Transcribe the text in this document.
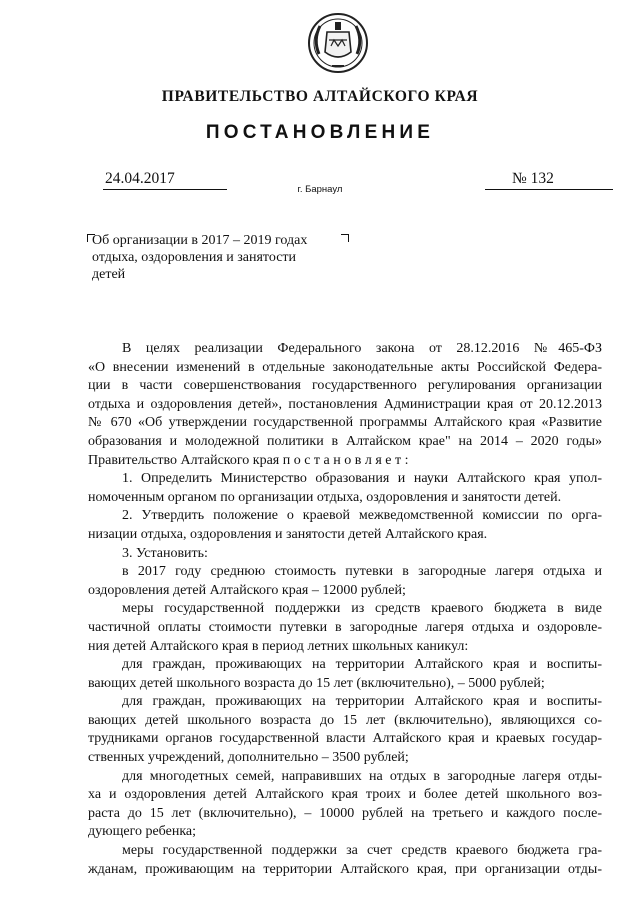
ПРАВИТЕЛЬСТВО АЛТАЙСКОГО КРАЯ
ПОСТАНОВЛЕНИЕ
24.04.2017
г. Барнаул
№ 132
Об организации в 2017 – 2019 годах
отдыха, оздоровления и занятости
детей
В целях реализации Федерального закона от 28.12.2016 №465-ФЗ
«О внесении изменений в отдельные законодательные акты Российской Федера-
ции в части совершенствования государственного регулирования организации
отдыха и оздоровления детей», постановления Администрации края от 20.12.2013
№ 670 «Об утверждении государственной программы Алтайского края «Развитие
образования и молодежной политики в Алтайском крае" на 2014 – 2020 годы»
Правительство Алтайского края п о с т а н о в л я е т :
1. Определить Министерство образования и науки Алтайского края упол-
номоченным органом по организации отдыха, оздоровления и занятости детей.
2. Утвердить положение о краевой межведомственной комиссии по орга-
низации отдыха, оздоровления и занятости детей Алтайского края.
3. Установить:
в 2017 году среднюю стоимость путевки в загородные лагеря отдыха и
оздоровления детей Алтайского края – 12000 рублей;
меры государственной поддержки из средств краевого бюджета в виде
частичной оплаты стоимости путевки в загородные лагеря отдыха и оздоровле-
ния детей Алтайского края в период летних школьных каникул:
для граждан, проживающих на территории Алтайского края и воспиты-
вающих детей школьного возраста до 15 лет (включительно), – 5000 рублей;
для граждан, проживающих на территории Алтайского края и воспиты-
вающих детей школьного возраста до 15 лет (включительно), являющихся со-
трудниками органов государственной власти Алтайского края и краевых государ-
ственных учреждений, дополнительно – 3500 рублей;
для многодетных семей, направивших на отдых в загородные лагеря отды-
ха и оздоровления детей Алтайского края троих и более детей школьного воз-
раста до 15 лет (включительно), – 10000 рублей на третьего и каждого после-
дующего ребенка;
меры государственной поддержки за счет средств краевого бюджета гра-
жданам, проживающим на территории Алтайского края, при организации отды-
